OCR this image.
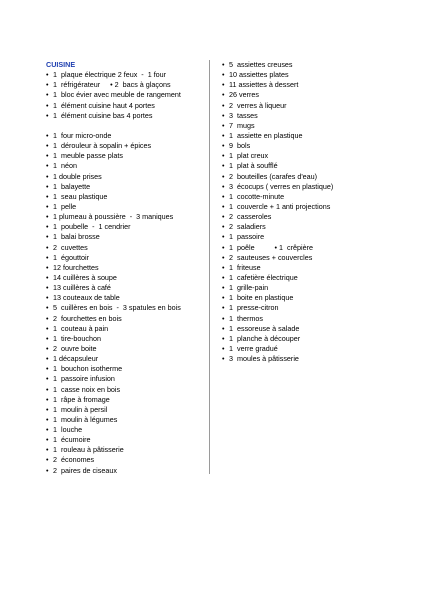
CUISINE
• 1  plaque électrique 2 feux  -  1 four
• 1  réfrigérateur     • 2  bacs à glaçons
• 1  bloc évier avec meuble de rangement
• 1  élément cuisine haut 4 portes
• 1  élément cuisine bas 4 portes
• 1  four micro-onde
• 1  dérouleur à sopalin + épices
• 1  meuble passe plats
• 1  néon
• 1 double prises
• 1  balayette
• 1  seau plastique
• 1  pelle
• 1 plumeau à poussière  -  3 maniques
• 1  poubelle  -  1 cendrier
• 1  balai brosse
• 2  cuvettes
• 1  égouttoir
• 12 fourchettes
• 14 cuillères à soupe
• 13 cuillères à café
• 13 couteaux de table
• 5  cuillères en bois  -  3 spatules en bois
• 2  fourchettes en bois
• 1  couteau à pain
• 1  tire-bouchon
• 2  ouvre boite
• 1 décapsuleur
• 1  bouchon isotherme
• 1  passoire infusion
• 1  casse noix en bois
• 1  râpe à fromage
• 1  moulin à persil
• 1  moulin à légumes
• 1  louche
• 1  écumoire
• 1  rouleau à pâtisserie
• 2  économes
• 2  paires de ciseaux
• 5  assiettes creuses
• 10 assiettes plates
• 11 assiettes à dessert
• 26 verres
• 2  verres à liqueur
• 3  tasses
• 7  mugs
• 1  assiette en plastique
• 9  bols
• 1  plat creux
• 1  plat à soufflé
• 2  bouteilles (carafes d'eau)
• 3  écocups ( verres en plastique)
• 1  cocotte-minute
• 1  couvercle + 1 anti projections
• 2  casseroles
• 2  saladiers
• 1  passoire
• 1  poêle          • 1  crêpière
• 2  sauteuses + couvercles
• 1  friteuse
• 1  cafetière électrique
• 1  grille-pain
• 1  boite en plastique
• 1  presse-citron
• 1  thermos
• 1  essoreuse à salade
• 1  planche à découper
• 1  verre gradué
• 3  moules à pâtisserie
